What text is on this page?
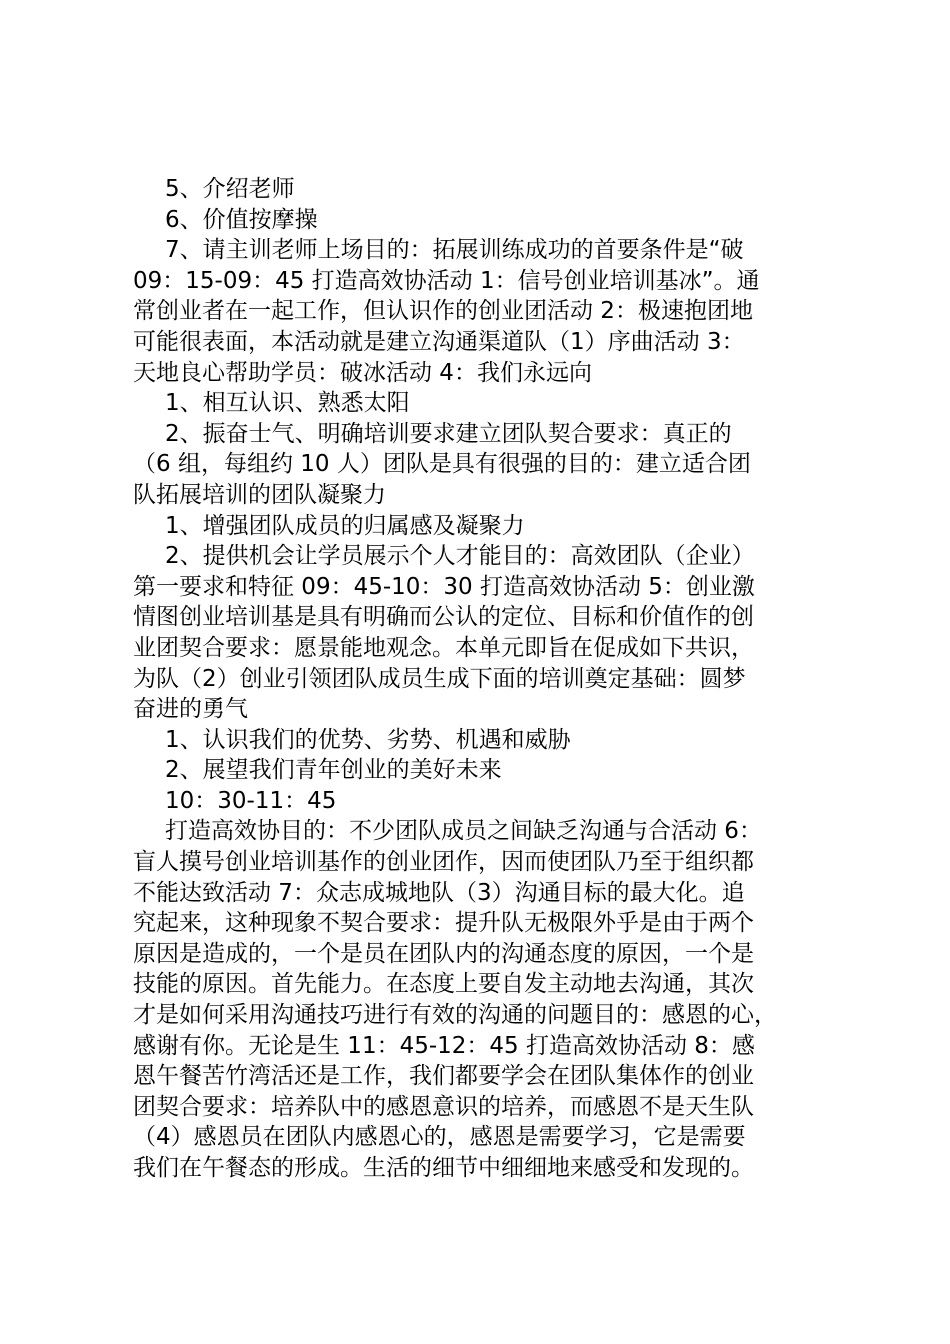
5、介绍老师
6、价值按摩操
7、请主训老师上场目的：拓展训练成功的首要条件是“破
09：15-09：45 打造高效协活动 1：信号创业培训基冰”。通
常创业者在一起工作，但认识作的创业团活动 2：极速抱团地
可能很表面，本活动就是建立沟通渠道队（1）序曲活动 3：
天地良心帮助学员：破冰活动 4：我们永远向
1、相互认识、熟悉太阳
2、振奋士气、明确培训要求建立团队契合要求：真正的
（6 组，每组约 10 人）团队是具有很强的目的：建立适合团
队拓展培训的团队凝聚力
1、增强团队成员的归属感及凝聚力
2、提供机会让学员展示个人才能目的：高效团队（企业）
第一要求和特征 09：45-10：30 打造高效协活动 5：创业激
情图创业培训基是具有明确而公认的定位、目标和价值作的创
业团契合要求：愿景能地观念。本单元即旨在促成如下共识，
为队（2）创业引领团队成员生成下面的培训奠定基础：圆梦
奋进的勇气
1、认识我们的优势、劣势、机遇和威胁
2、展望我们青年创业的美好未来
10：30-11：45
打造高效协目的：不少团队成员之间缺乏沟通与合活动 6：
盲人摸号创业培训基作的创业团作，因而使团队乃至于组织都
不能达致活动 7：众志成城地队（3）沟通目标的最大化。追
究起来，这种现象不契合要求：提升队无极限外乎是由于两个
原因是造成的，一个是员在团队内的沟通态度的原因，一个是
技能的原因。首先能力。在态度上要自发主动地去沟通，其次
才是如何采用沟通技巧进行有效的沟通的问题目的：感恩的心，
感谢有你。无论是生 11：45-12：45 打造高效协活动 8：感
恩午餐苦竹湾活还是工作，我们都要学会在团队集体作的创业
团契合要求：培养队中的感恩意识的培养，而感恩不是天生队
（4）感恩员在团队内感恩心的，感恩是需要学习，它是需要
我们在午餐态的形成。生活的细节中细细地来感受和发现的。
